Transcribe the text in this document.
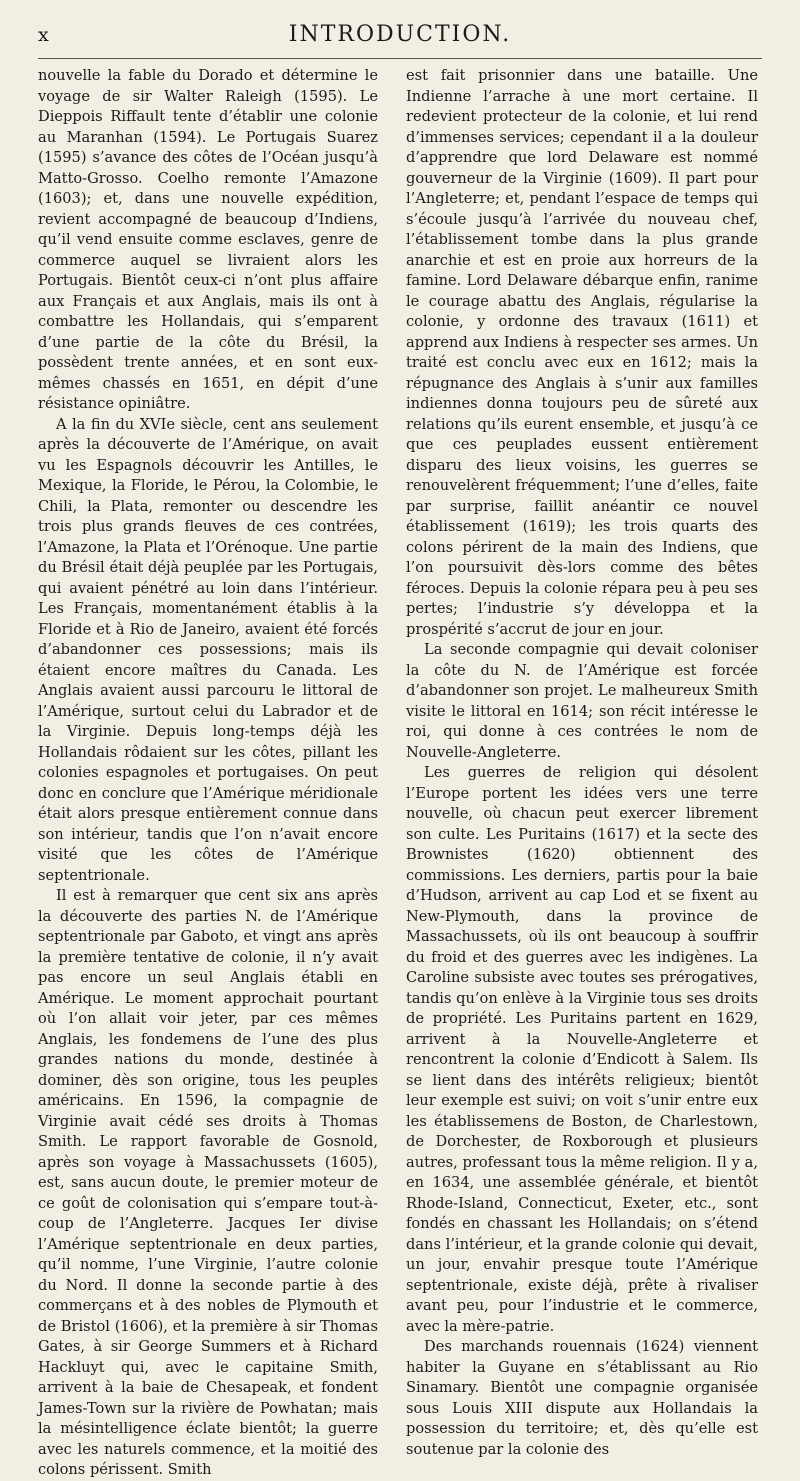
x	INTRODUCTION.

nouvelle la fable du Dorado et détermine le voyage de sir Walter Raleigh (1595). Le Dieppois Riffault tente d’établir une colonie au Maranhan (1594). Le Portugais Suarez (1595) s’avance des côtes de l’Océan jusqu’à Matto-Grosso. Coelho remonte l’Amazone (1603); et, dans une nouvelle expédition, revient accompagné de beaucoup d’Indiens, qu’il vend ensuite comme esclaves, genre de commerce auquel se livraient alors les Portugais. Bientôt ceux-ci n’ont plus affaire aux Français et aux Anglais, mais ils ont à combattre les Hollandais, qui s’emparent d’une partie de la côte du Brésil, la possèdent trente années, et en sont eux-mêmes chassés en 1651, en dépit d’une résistance opiniâtre.

A la fin du XVIe siècle, cent ans seulement après la découverte de l’Amérique, on avait vu les Espagnols découvrir les Antilles, le Mexique, la Floride, le Pérou, la Colombie, le Chili, la Plata, remonter ou descendre les trois plus grands fleuves de ces contrées, l’Amazone, la Plata et l’Orénoque. Une partie du Brésil était déjà peuplée par les Portugais, qui avaient pénétré au loin dans l’intérieur. Les Français, momentanément établis à la Floride et à Rio de Janeiro, avaient été forcés d’abandonner ces possessions; mais ils étaient encore maîtres du Canada. Les Anglais avaient aussi parcouru le littoral de l’Amérique, surtout celui du Labrador et de la Virginie. Depuis long-temps déjà les Hollandais rôdaient sur les côtes, pillant les colonies espagnoles et portugaises. On peut donc en conclure que l’Amérique méridionale était alors presque entièrement connue dans son intérieur, tandis que l’on n’avait encore visité que les côtes de l’Amérique septentrionale.

Il est à remarquer que cent six ans après la découverte des parties N. de l’Amérique septentrionale par Gaboto, et vingt ans après la première tentative de colonie, il n’y avait pas encore un seul Anglais établi en Amérique. Le moment approchait pourtant où l’on allait voir jeter, par ces mêmes Anglais, les fondemens de l’une des plus grandes nations du monde, destinée à dominer, dès son origine, tous les peuples américains. En 1596, la compagnie de Virginie avait cédé ses droits à Thomas Smith. Le rapport favorable de Gosnold, après son voyage à Massachussets (1605), est, sans aucun doute, le premier moteur de ce goût de colonisation qui s’empare tout-à-coup de l’Angleterre. Jacques Ier divise l’Amérique septentrionale en deux parties, qu’il nomme, l’une Virginie, l’autre colonie du Nord. Il donne la seconde partie à des commerçans et à des nobles de Plymouth et de Bristol (1606), et la première à sir Thomas Gates, à sir George Summers et à Richard Hackluyt qui, avec le capitaine Smith, arrivent à la baie de Chesapeak, et fondent James-Town sur la rivière de Powhatan; mais la mésintelligence éclate bientôt; la guerre avec les naturels commence, et la moitié des colons périssent. Smith

est fait prisonnier dans une bataille. Une Indienne l’arrache à une mort certaine. Il redevient protecteur de la colonie, et lui rend d’immenses services; cependant il a la douleur d’apprendre que lord Delaware est nommé gouverneur de la Virginie (1609). Il part pour l’Angleterre; et, pendant l’espace de temps qui s’écoule jusqu’à l’arrivée du nouveau chef, l’établissement tombe dans la plus grande anarchie et est en proie aux horreurs de la famine. Lord Delaware débarque enfin, ranime le courage abattu des Anglais, régularise la colonie, y ordonne des travaux (1611) et apprend aux Indiens à respecter ses armes. Un traité est conclu avec eux en 1612; mais la répugnance des Anglais à s’unir aux familles indiennes donna toujours peu de sûreté aux relations qu’ils eurent ensemble, et jusqu’à ce que ces peuplades eussent entièrement disparu des lieux voisins, les guerres se renouvelèrent fréquemment; l’une d’elles, faite par surprise, faillit anéantir ce nouvel établissement (1619); les trois quarts des colons périrent de la main des Indiens, que l’on poursuivit dès-lors comme des bêtes féroces. Depuis la colonie répara peu à peu ses pertes; l’industrie s’y développa et la prospérité s’accrut de jour en jour.

La seconde compagnie qui devait coloniser la côte du N. de l’Amérique est forcée d’abandonner son projet. Le malheureux Smith visite le littoral en 1614; son récit intéresse le roi, qui donne à ces contrées le nom de Nouvelle-Angleterre.

Les guerres de religion qui désolent l’Europe portent les idées vers une terre nouvelle, où chacun peut exercer librement son culte. Les Puritains (1617) et la secte des Brownistes (1620) obtiennent des commissions. Les derniers, partis pour la baie d’Hudson, arrivent au cap Lod et se fixent au New-Plymouth, dans la province de Massachussets, où ils ont beaucoup à souffrir du froid et des guerres avec les indigènes. La Caroline subsiste avec toutes ses prérogatives, tandis qu’on enlève à la Virginie tous ses droits de propriété. Les Puritains partent en 1629, arrivent à la Nouvelle-Angleterre et rencontrent la colonie d’Endicott à Salem. Ils se lient dans des intérêts religieux; bientôt leur exemple est suivi; on voit s’unir entre eux les établissemens de Boston, de Charlestown, de Dorchester, de Roxborough et plusieurs autres, professant tous la même religion. Il y a, en 1634, une assemblée générale, et bientôt Rhode-Island, Connecticut, Exeter, etc., sont fondés en chassant les Hollandais; on s’étend dans l’intérieur, et la grande colonie qui devait, un jour, envahir presque toute l’Amérique septentrionale, existe déjà, prête à rivaliser avant peu, pour l’industrie et le commerce, avec la mère-patrie.

Des marchands rouennais (1624) viennent habiter la Guyane en s’établissant au Rio Sinamary. Bientôt une compagnie organisée sous Louis XIII dispute aux Hollandais la possession du territoire; et, dès qu’elle est soutenue par la colonie des
